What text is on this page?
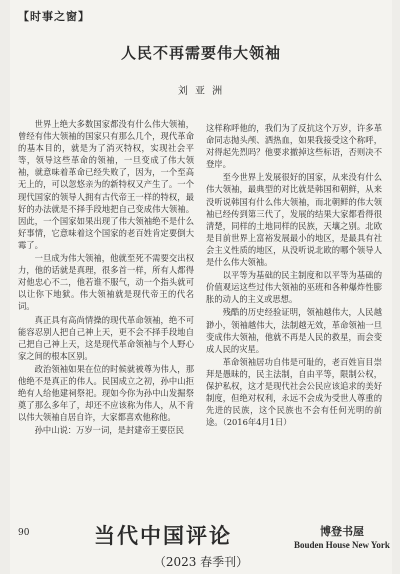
【时事之窗】
人民不再需要伟大领袖
刘 亚 洲

世界上绝大多数国家都没有什么伟大领袖，曾经有伟大领袖的国家只有那么几个，现代革命的基本目的，就是为了消灭特权，实现社会平等，领导这些革命的领袖，一旦变成了伟大领袖，就意味着革命已经失败了，因为，一个至高无上的，可以忽悠亲为的新特权又产生了。一个现代国家的领导人拥有古代帝王一样的特权，最好的办法就是不择手段地把自己变成伟大领袖。因此，一个国家如果出现了伟大领袖绝不是什么好事情，它意味着这个国家的老百姓肯定要倒大霉了。

一旦成为伟大领袖，他就至死不需要交出权力，他的话就是真理，很多首一样，所有人都得对他忠心不二，他若谁不服气，动一个指头就可以让你下地狱。伟大领袖就是现代帝王的代名词。

真正具有高尚情操的现代革命领袖，绝不可能容忍别人把自己神上天，更不会不择手段地自己把自己神上天，这是现代革命领袖与个人野心家之间的根本区别。

政治领袖如果在位的时候就被尊为伟人，那他绝不是真正的伟人。民国成立之初，孙中山拒绝有人给他建祠祭祀。现如今你为孙中山发掘祭奠了那么多年了，却还不应该称为伟人，从不肯以伟大领袖自居自许，大家都喜欢他称他。

孙中山说：万岁一词，是封建帝王要臣民

这样称呼他的，我们为了反抗这个万岁，许多革命同志抛头颅、洒热血，如果我接受这个称呼，对得起先烈吗？他要求撤掉这些标语，否则决不登岸。

至今世界上发展很好的国家，从来没有什么伟大领袖，最典型的对比就是韩国和朝鲜，从来没听说韩国有什么伟大领袖，而北朝鲜的伟大领袖已经传到第三代了，发展的结果大家都看得很清楚，同样的土地同样的民族，天壤之别。北欧是目前世界上富裕发展最小的地区，是最具有社会主义性质的地区，从没听说北欧的哪个领导人是什么伟大领袖。

以平等为基础的民主制度和以平等为基础的价值观运这些过伟大领袖的巫班和各种爆炸性膨胀的动人的主义或思想。

残酷的历史经验证明，领袖越伟大，人民越渺小，领袖越伟大，法制越无效，革命领袖一旦变成伟大领袖，他就不再是人民的救星，而会变成人民的灾星。

革命领袖居功自伟是可耻的，老百姓盲目崇拜是愚昧的，民主法制，自由平等，限制公权，保护私权，这才是现代社会公民应该追求的美好制度，但绝对权利，永远不会成为受世人尊重的先进的民族，这个民族也不会有任何光明的前途。（2016年4月1日）

90	当代中国评论	博登书屋
Bouden House New York
（2023 春季刊）
